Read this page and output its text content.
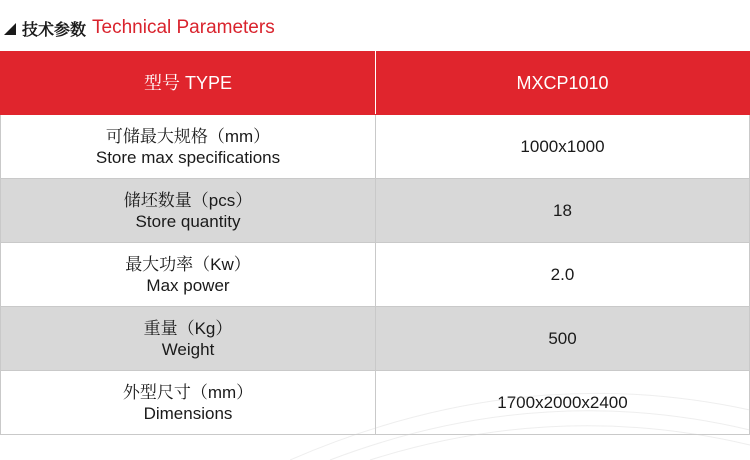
技术参数 Technical Parameters
型号 TYPE	MXCP1010

可储最大规格（mm）
Store max specifications	1000x1000

储坯数量（pcs）
Store quantity	18

最大功率（Kw）
Max power	2.0

重量（Kg）
Weight	500

外型尺寸（mm）
Dimensions	1700x2000x2400
